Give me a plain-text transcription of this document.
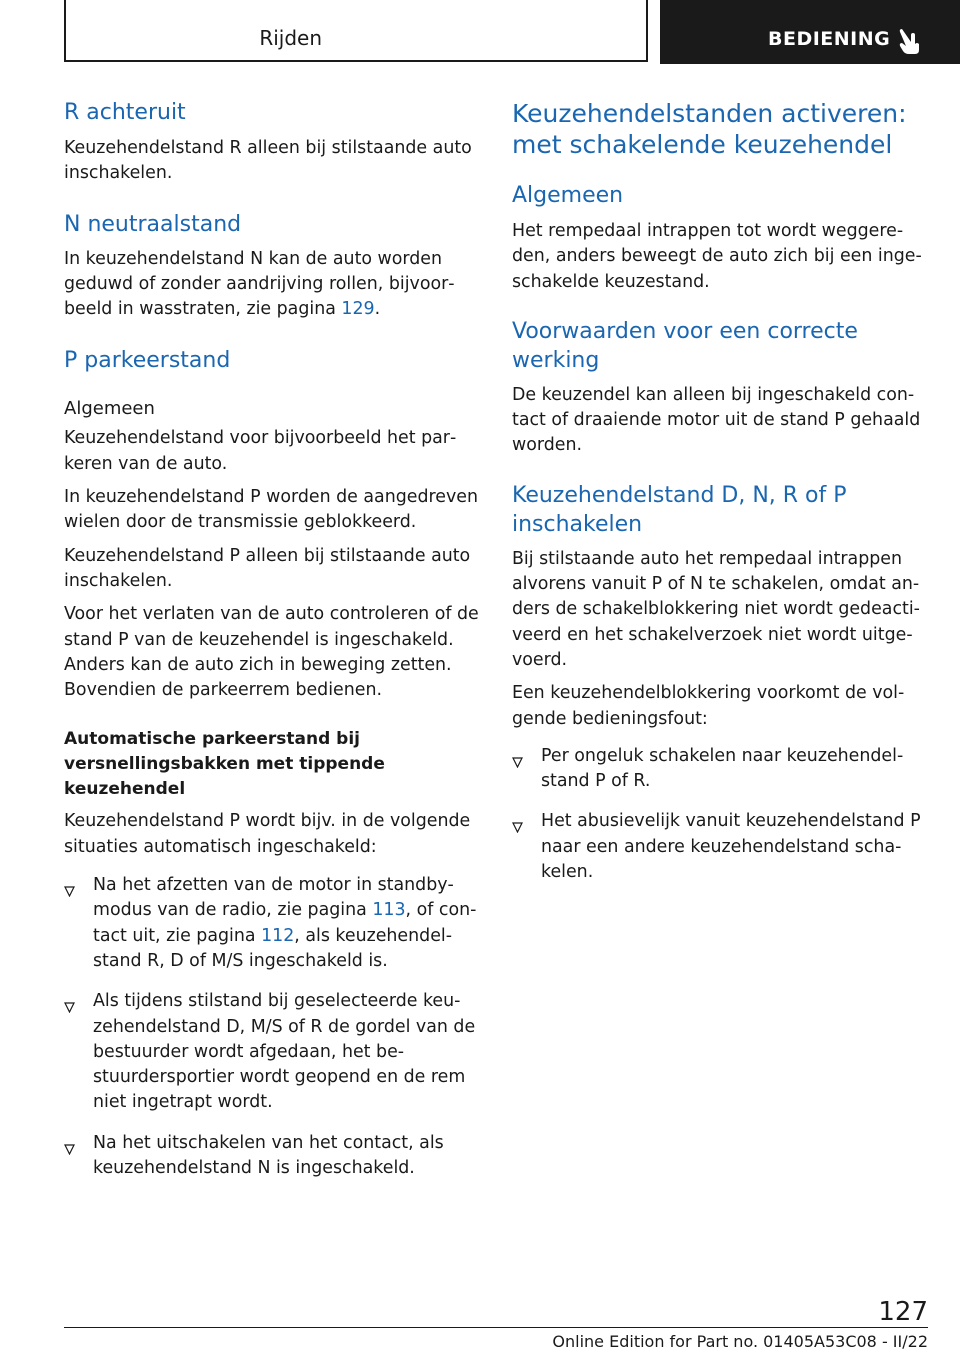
Rijden	BEDIENING
R achteruit

Keuzehendelstand R alleen bij stilstaande auto inschakelen.

N neutraalstand

In keuzehendelstand N kan de auto worden geduwd of zonder aandrijving rollen, bijvoorbeeld in wasstraten, zie pagina 129.

P parkeerstand
Algemeen

Keuzehendelstand voor bijvoorbeeld het parkeren van de auto.

In keuzehendelstand P worden de aangedreven wielen door de transmissie geblokkeerd.

Keuzehendelstand P alleen bij stilstaande auto inschakelen.

Voor het verlaten van de auto controleren of de stand P van de keuzehendel is ingeschakeld. Anders kan de auto zich in beweging zetten. Bovendien de parkeerrem bedienen.

Automatische parkeerstand bij versnellingsbakken met tippende keuzehendel

Keuzehendelstand P wordt bijv. in de volgende situaties automatisch ingeschakeld:

Na het afzetten van de motor in standbymodus van de radio, zie pagina 113, of contact uit, zie pagina 112, als keuzehendelstand R, D of M/S ingeschakeld is.
Als tijdens stilstand bij geselecteerde keuzehendelstand D, M/S of R de gordel van de bestuurder wordt afgedaan, het bestuurdersportier wordt geopend en de rem niet ingetrapt wordt.
Na het uitschakelen van het contact, als keuzehendelstand N is ingeschakeld.
Keuzehendelstanden activeren: met schakelende keuzehendel
Algemeen

Het rempedaal intrappen tot wordt weggereden, anders beweegt de auto zich bij een ingeschakelde keuzestand.

Voorwaarden voor een correcte werking

De keuzendel kan alleen bij ingeschakeld contact of draaiende motor uit de stand P gehaald worden.

Keuzehendelstand D, N, R of P inschakelen

Bij stilstaande auto het rempedaal intrappen alvorens vanuit P of N te schakelen, omdat anders de schakelblokkering niet wordt gedeactiveerd en het schakelverzoek niet wordt uitgevoerd.

Een keuzehendelblokkering voorkomt de volgende bedieningsfout:

Per ongeluk schakelen naar keuzehendelstand P of R.
Het abusievelijk vanuit keuzehendelstand P naar een andere keuzehendelstand schakelen.
127
Online Edition for Part no. 01405A53C08 - II/22
